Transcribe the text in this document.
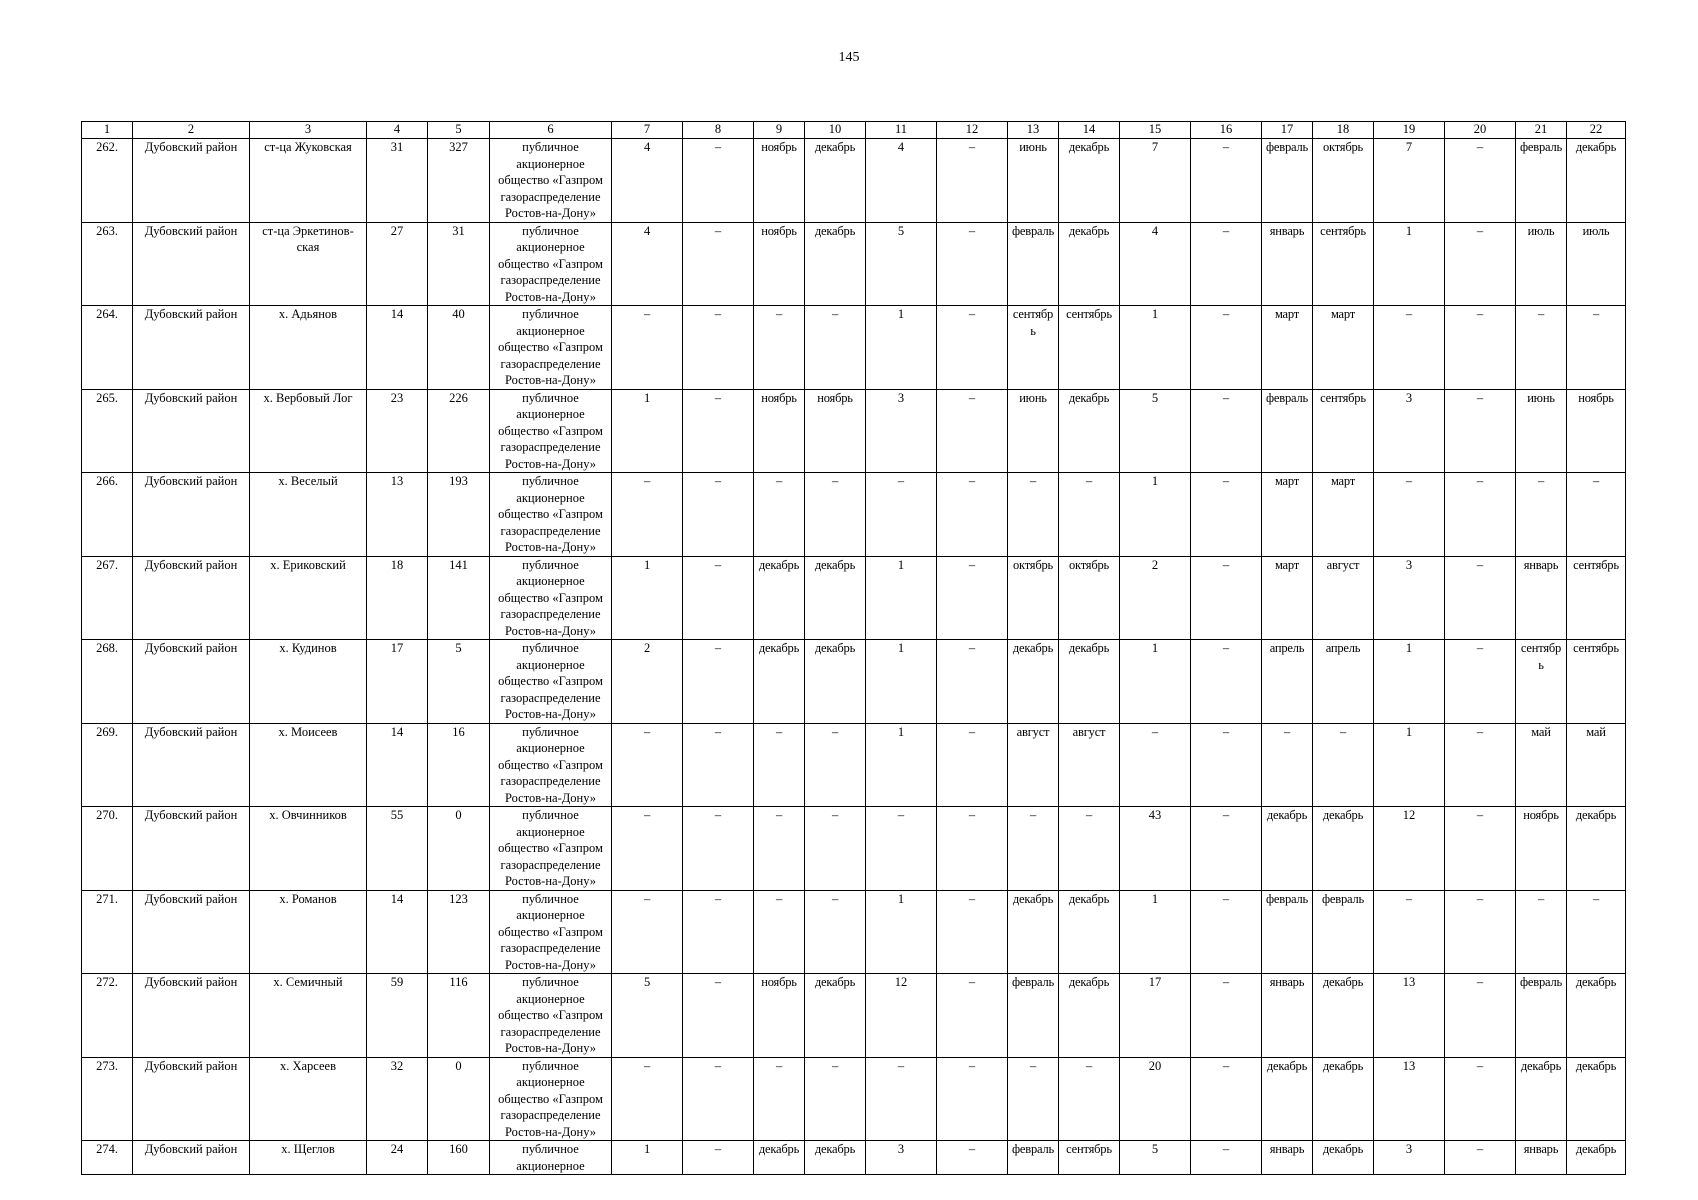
145
1	2	3	4	5	6	7	8	9	10	11	12	13	14	15	16	17	18	19	20	21	22
262.	Дубовский район	ст-ца Жуковская	31	327	публичное акционерное общество «Газпром газораспределение Ростов-на-Дону»	4	–	ноябрь	декабрь	4	–	июнь	декабрь	7	–	февраль	октябрь	7	–	февраль	декабрь
263.	Дубовский район	ст-ца Эркетинов-ская	27	31	публичное акционерное общество «Газпром газораспределение Ростов-на-Дону»	4	–	ноябрь	декабрь	5	–	февраль	декабрь	4	–	январь	сентябрь	1	–	июль	июль
264.	Дубовский район	х. Адьянов	14	40	публичное акционерное общество «Газпром газораспределение Ростов-на-Дону»	–	–	–	–	1	–	сентябр ь	сентябрь	1	–	март	март	–	–	–	–
265.	Дубовский район	х. Вербовый Лог	23	226	публичное акционерное общество «Газпром газораспределение Ростов-на-Дону»	1	–	ноябрь	ноябрь	3	–	июнь	декабрь	5	–	февраль	сентябрь	3	–	июнь	ноябрь
266.	Дубовский район	х. Веселый	13	193	публичное акционерное общество «Газпром газораспределение Ростов-на-Дону»	–	–	–	–	–	–	–	–	1	–	март	март	–	–	–	–
267.	Дубовский район	х. Ериковский	18	141	публичное акционерное общество «Газпром газораспределение Ростов-на-Дону»	1	–	декабрь	декабрь	1	–	октябрь	октябрь	2	–	март	август	3	–	январь	сентябрь
268.	Дубовский район	х. Кудинов	17	5	публичное акционерное общество «Газпром газораспределение Ростов-на-Дону»	2	–	декабрь	декабрь	1	–	декабрь	декабрь	1	–	апрель	апрель	1	–	сентябр ь	сентябрь
269.	Дубовский район	х. Моисеев	14	16	публичное акционерное общество «Газпром газораспределение Ростов-на-Дону»	–	–	–	–	1	–	август	август	–	–	–	–	1	–	май	май
270.	Дубовский район	х. Овчинников	55	0	публичное акционерное общество «Газпром газораспределение Ростов-на-Дону»	–	–	–	–	–	–	–	–	43	–	декабрь	декабрь	12	–	ноябрь	декабрь
271.	Дубовский район	х. Романов	14	123	публичное акционерное общество «Газпром газораспределение Ростов-на-Дону»	–	–	–	–	1	–	декабрь	декабрь	1	–	февраль	февраль	–	–	–	–
272.	Дубовский район	х. Семичный	59	116	публичное акционерное общество «Газпром газораспределение Ростов-на-Дону»	5	–	ноябрь	декабрь	12	–	февраль	декабрь	17	–	январь	декабрь	13	–	февраль	декабрь
273.	Дубовский район	х. Харсеев	32	0	публичное акционерное общество «Газпром газораспределение Ростов-на-Дону»	–	–	–	–	–	–	–	–	20	–	декабрь	декабрь	13	–	декабрь	декабрь
274.	Дубовский район	х. Щеглов	24	160	публичное акционерное	1	–	декабрь	декабрь	3	–	февраль	сентябрь	5	–	январь	декабрь	3	–	январь	декабрь
